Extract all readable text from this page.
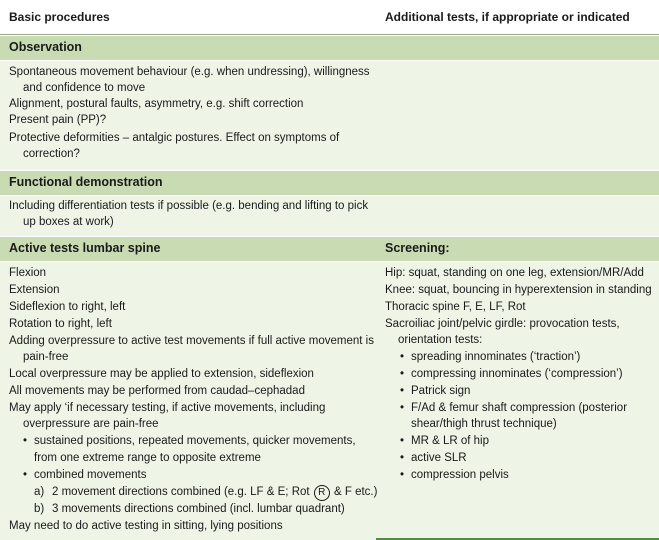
Basic procedures	Additional tests, if appropriate or indicated
Observation
Spontaneous movement behaviour (e.g. when undressing), willingness
and confidence to move
Alignment, postural faults, asymmetry, e.g. shift correction
Present pain (PP)?
Protective deformities – antalgic postures. Effect on symptoms of
correction?
Functional demonstration
Including differentiation tests if possible (e.g. bending and lifting to pick
up boxes at work)
Active tests lumbar spine	Screening:
Flexion
Extension
Sideflexion to right, left
Rotation to right, left
Adding overpressure to active test movements if full active movement is
pain-free
Local overpressure may be applied to extension, sideflexion
All movements may be performed from caudad–cephadad
May apply ‘if necessary testing, if active movements, including
overpressure are pain-free
• sustained positions, repeated movements, quicker movements,
from one extreme range to opposite extreme
• combined movements
a) 2 movement directions combined (e.g. LF & E; Rot R & F etc.)
b) 3 movements directions combined (incl. lumbar quadrant)
May need to do active testing in sitting, lying positions
Hip: squat, standing on one leg, extension/MR/Add
Knee: squat, bouncing in hyperextension in standing
Thoracic spine F, E, LF, Rot
Sacroiliac joint/pelvic girdle: provocation tests,
orientation tests:
• spreading innominates (‘traction’)
• compressing innominates (‘compression’)
• Patrick sign
• F/Ad & femur shaft compression (posterior
shear/thigh thrust technique)
• MR & LR of hip
• active SLR
• compression pelvis
